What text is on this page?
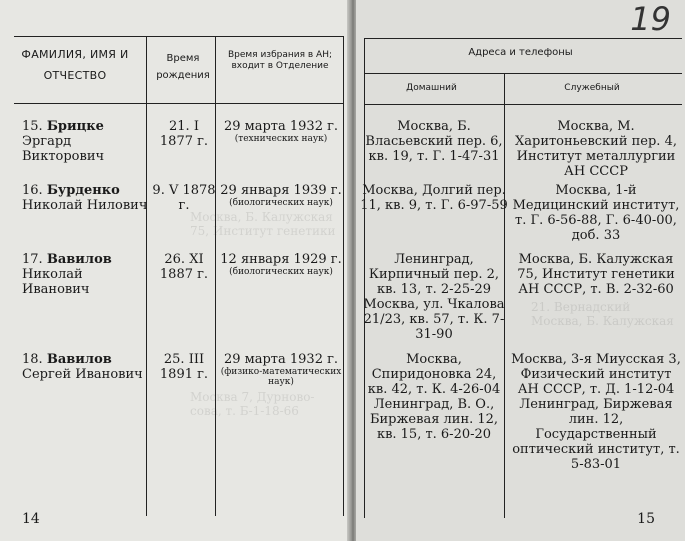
Москва, Б. Калужская
75, Институт генетики
Москва 7, Дурново-
сова, т. Б-1-18-66
ФАМИЛИЯ, ИМЯ И ОТЧЕСТВО
Время рождения
Время избрания в АН; входит в Отделение
15. Брицке Эргард Викторович
21. I 1877 г.
29 марта 1932 г.
(технических наук)
16. Бурденко Николай Нилович
9. V 1878 г.
29 января 1939 г.
(биологических наук)
17. Вавилов Николай Иванович
26. XI 1887 г.
12 января 1929 г.
(биологических наук)
18. Вавилов Сергей Иванович
25. III 1891 г.
29 марта 1932 г.
(физико-математических наук)
14
19
21. Вернадский
Москва, Б. Калужская
Адреса и телефоны
Домашний	Служебный
Москва, Б. Власьевский пер. 6, кв. 19, т. Г. 1-47-31
Москва, М. Харитоньевский пер. 4, Институт металлургии АН СССР
Москва, Долгий пер. 11, кв. 9, т. Г. 6-97-59
Москва, 1-й Медицинский институт, т. Г. 6-56-88, Г. 6-40-00, доб. 33
Ленинград, Кирпичный пер. 2, кв. 13, т. 2-25-29 Москва, ул. Чкалова 21/23, кв. 57, т. К. 7-31-90
Москва, Б. Калужская 75, Институт генетики АН СССР, т. В. 2-32-60
Москва, Спиридоновка 24, кв. 42, т. К. 4-26-04 Ленинград, В. О., Биржевая лин. 12, кв. 15, т. 6-20-20
Москва, 3-я Миусская 3, Физический институт АН СССР, т. Д. 1-12-04 Ленинград, Биржевая лин. 12, Государственный оптический институт, т. 5-83-01
15
